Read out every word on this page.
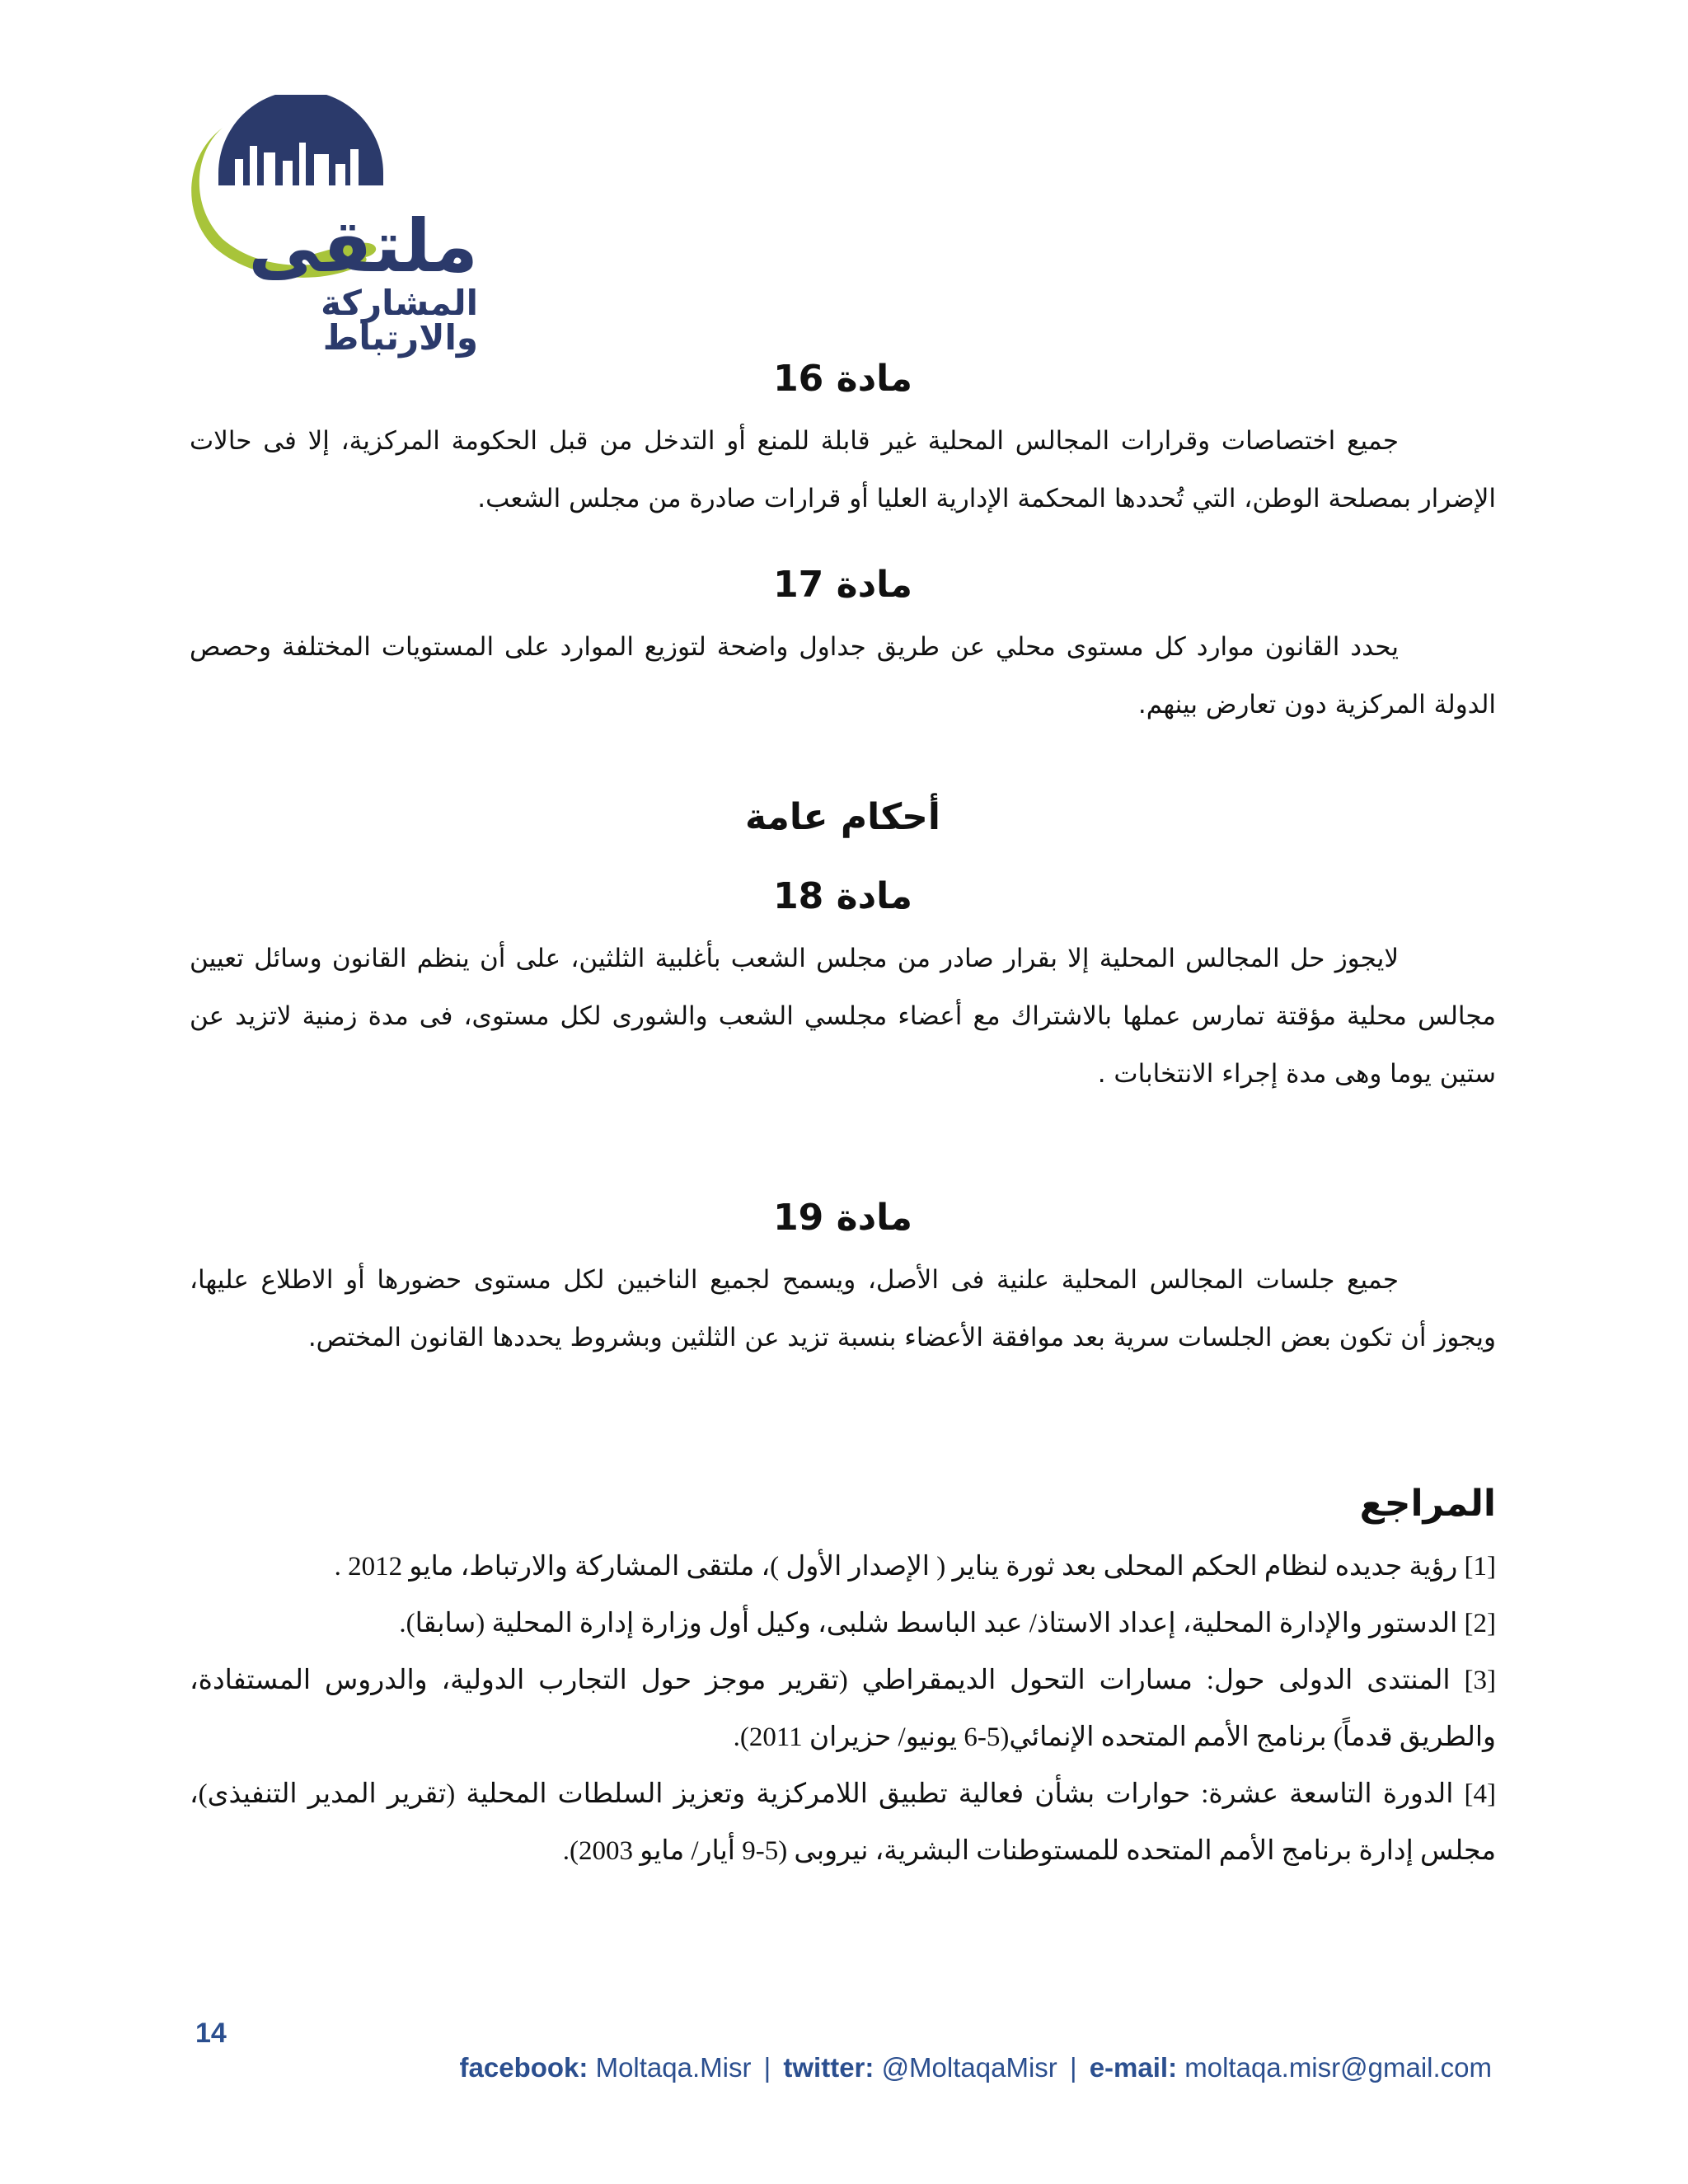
ملتقى
المشاركة والارتباط
مادة 16
جميع اختصاصات وقرارات المجالس المحلية غير قابلة للمنع أو التدخل من قبل الحكومة المركزية، إلا فى حالات الإضرار بمصلحة الوطن، التي تُحددها المحكمة الإدارية العليا أو قرارات صادرة من مجلس الشعب.
مادة 17
يحدد القانون موارد كل مستوى محلي عن طريق جداول واضحة لتوزيع الموارد على المستويات المختلفة وحصص الدولة المركزية دون تعارض بينهم.
أحكام عامة
مادة 18
لايجوز حل المجالس المحلية إلا بقرار صادر من مجلس الشعب بأغلبية الثلثين، على أن ينظم القانون وسائل تعيين مجالس محلية مؤقتة تمارس عملها بالاشتراك مع أعضاء مجلسي الشعب والشورى لكل مستوى، فى مدة زمنية لاتزيد عن ستين يوما وهى مدة إجراء الانتخابات .
مادة 19
جميع جلسات المجالس المحلية علنية فى الأصل، ويسمح لجميع الناخبين لكل مستوى حضورها أو الاطلاع عليها، ويجوز أن تكون بعض الجلسات سرية بعد موافقة الأعضاء بنسبة تزيد عن الثلثين وبشروط يحددها القانون المختص.
المراجع
[1] رؤية جديده لنظام الحكم المحلى بعد ثورة يناير ( الإصدار الأول )، ملتقى المشاركة والارتباط، مايو 2012 .
[2] الدستور والإدارة المحلية، إعداد الاستاذ/ عبد الباسط شلبى، وكيل أول وزارة إدارة المحلية (سابقا).
[3] المنتدى الدولى حول: مسارات التحول الديمقراطي (تقرير موجز حول التجارب الدولية، والدروس المستفادة، والطريق قدماً) برنامج الأمم المتحده الإنمائي(5-6 يونيو/ حزيران 2011).
[4] الدورة التاسعة عشرة: حوارات بشأن فعالية تطبيق اللامركزية وتعزيز السلطات المحلية (تقرير المدير التنفيذى)، مجلس إدارة برنامج الأمم المتحده للمستوطنات البشرية، نيروبى (5-9 أيار/ مايو 2003).
14
facebook: Moltaqa.Misr | twitter: @MoltaqaMisr | e-mail: moltaqa.misr@gmail.com
